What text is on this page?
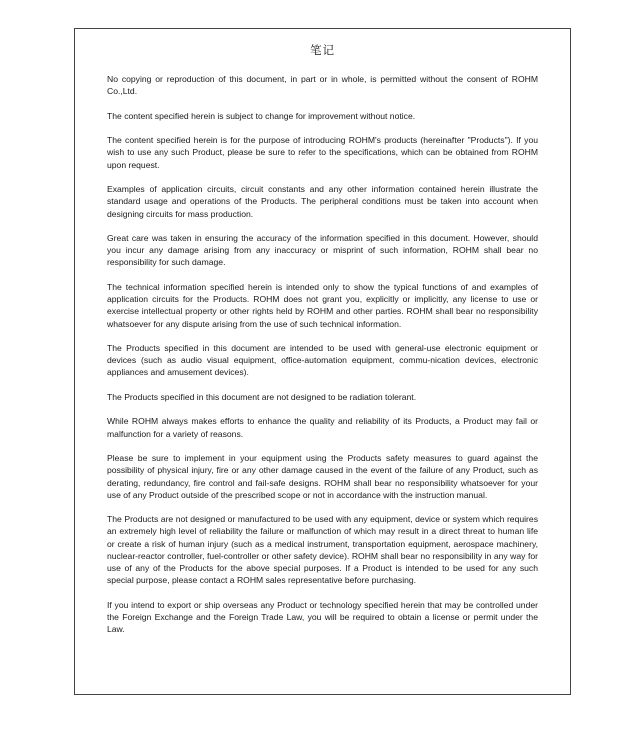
笔记

No copying or reproduction of this document, in part or in whole, is permitted without the consent of ROHM Co.,Ltd.

The content specified herein is subject to change for improvement without notice.

The content specified herein is for the purpose of introducing ROHM's products (hereinafter "Products"). If you wish to use any such Product, please be sure to refer to the specifications, which can be obtained from ROHM upon request.

Examples of application circuits, circuit constants and any other information contained herein illustrate the standard usage and operations of the Products. The peripheral conditions must be taken into account when designing circuits for mass production.

Great care was taken in ensuring the accuracy of the information specified in this document. However, should you incur any damage arising from any inaccuracy or misprint of such information, ROHM shall bear no responsibility for such damage.

The technical information specified herein is intended only to show the typical functions of and examples of application circuits for the Products. ROHM does not grant you, explicitly or implicitly, any license to use or exercise intellectual property or other rights held by ROHM and other parties. ROHM shall bear no responsibility whatsoever for any dispute arising from the use of such technical information.

The Products specified in this document are intended to be used with general-use electronic equipment or devices (such as audio visual equipment, office-automation equipment, commu-nication devices, electronic appliances and amusement devices).

The Products specified in this document are not designed to be radiation tolerant.

While ROHM always makes efforts to enhance the quality and reliability of its Products, a Product may fail or malfunction for a variety of reasons.

Please be sure to implement in your equipment using the Products safety measures to guard against the possibility of physical injury, fire or any other damage caused in the event of the failure of any Product, such as derating, redundancy, fire control and fail-safe designs. ROHM shall bear no responsibility whatsoever for your use of any Product outside of the prescribed scope or not in accordance with the instruction manual.

The Products are not designed or manufactured to be used with any equipment, device or system which requires an extremely high level of reliability the failure or malfunction of which may result in a direct threat to human life or create a risk of human injury (such as a medical instrument, transportation equipment, aerospace machinery, nuclear-reactor controller, fuel-controller or other safety device). ROHM shall bear no responsibility in any way for use of any of the Products for the above special purposes. If a Product is intended to be used for any such special purpose, please contact a ROHM sales representative before purchasing.

If you intend to export or ship overseas any Product or technology specified herein that may be controlled under the Foreign Exchange and the Foreign Trade Law, you will be required to obtain a license or permit under the Law.
